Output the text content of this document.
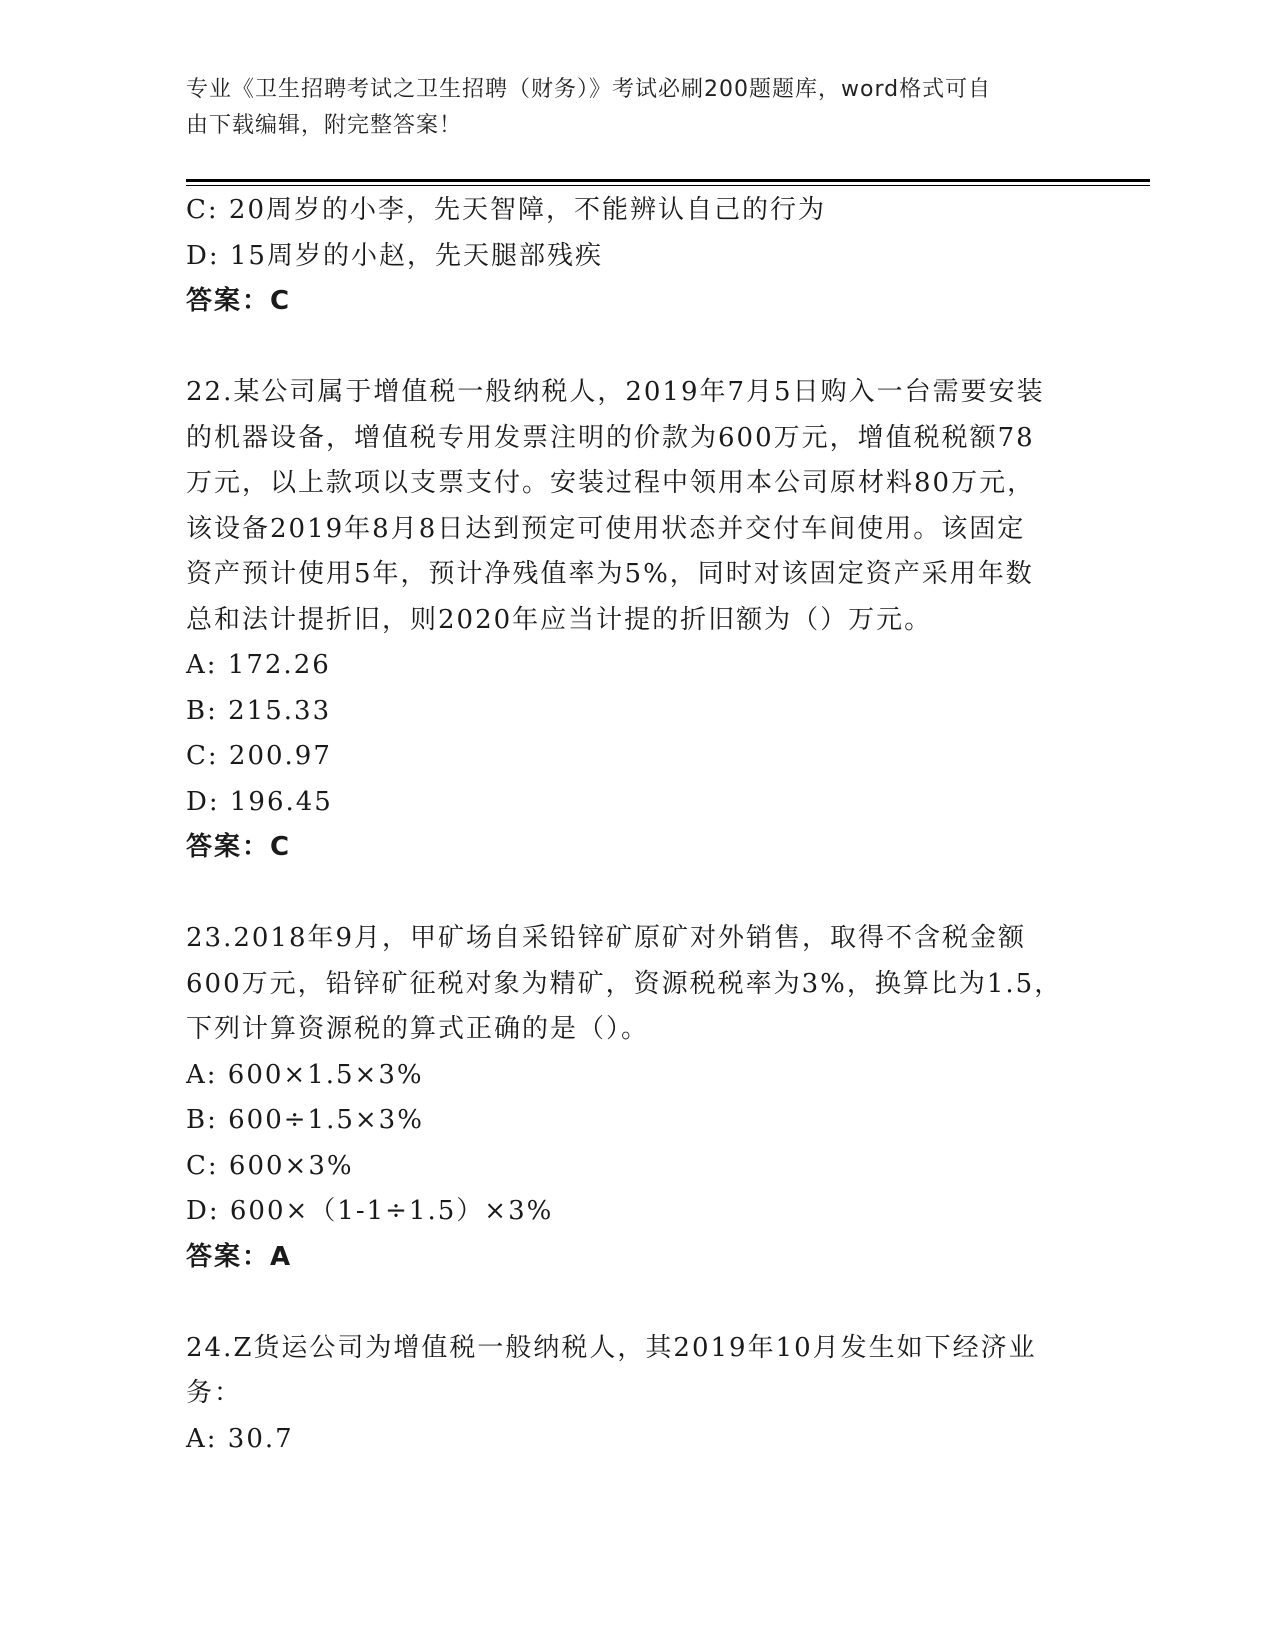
专业《卫生招聘考试之卫生招聘（财务）》考试必刷200题题库，word格式可自
由下载编辑，附完整答案！
C: 20周岁的小李，先天智障，不能辨认自己的行为
D: 15周岁的小赵，先天腿部残疾
答案：C
22.某公司属于增值税一般纳税人，2019年7月5日购入一台需要安装
的机器设备，增值税专用发票注明的价款为600万元，增值税税额78
万元，以上款项以支票支付。安装过程中领用本公司原材料80万元，
该设备2019年8月8日达到预定可使用状态并交付车间使用。该固定
资产预计使用5年，预计净残值率为5%，同时对该固定资产采用年数
总和法计提折旧，则2020年应当计提的折旧额为（）万元。
A: 172.26
B: 215.33
C: 200.97
D: 196.45
答案：C
23.2018年9月，甲矿场自采铅锌矿原矿对外销售，取得不含税金额
600万元，铅锌矿征税对象为精矿，资源税税率为3%，换算比为1.5，
下列计算资源税的算式正确的是（）。
A: 600×1.5×3%
B: 600÷1.5×3%
C: 600×3%
D: 600×（1-1÷1.5）×3%
答案：A
24.Z货运公司为增值税一般纳税人，其2019年10月发生如下经济业
务：
A: 30.7
